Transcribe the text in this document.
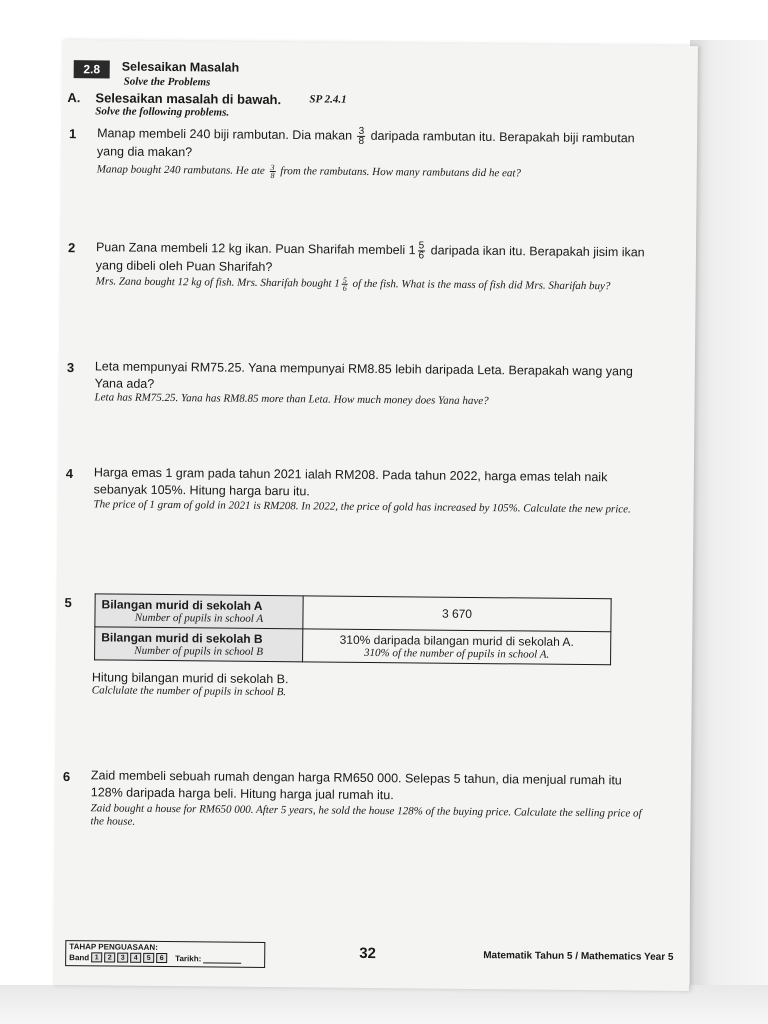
2.8	Selesaikan Masalah
Solve the Problems
A. Selesaikan masalah di bawah.	SP 2.4.1
Solve the following problems.
1 Manap membeli 240 biji rambutan. Dia makan $\frac{3}{8}$ daripada rambutan itu. Berapakah biji rambutan yang dia makan?
Manap bought 240 rambutans. He ate $\frac{3}{8}$ from the rambutans. How many rambutans did he eat?
2 Puan Zana membeli 12 kg ikan. Puan Sharifah membeli $1 \frac{5}{6}$ daripada ikan itu. Berapakah jisim ikan yang dibeli oleh Puan Sharifah?
Mrs. Zana bought 12 kg of fish. Mrs. Sharifah bought $1 \frac{5}{6}$ of the fish. What is the mass of fish did Mrs. Sharifah buy?
3 Leta mempunyai RM75.25. Yana mempunyai RM8.85 lebih daripada Leta. Berapakah wang yang Yana ada?
Leta has RM75.25. Yana has RM8.85 more than Leta. How much money does Yana have?
4 Harga emas 1 gram pada tahun 2021 ialah RM208. Pada tahun 2022, harga emas telah naik sebanyak 105%. Hitung harga baru itu.
The price of 1 gram of gold in 2021 is RM208. In 2022, the price of gold has increased by 105%. Calculate the new price.
5 Bilangan murid di sekolah A
Number of pupils in school A	3 670

Bilangan murid di sekolah B
Number of pupils in school B	310% daripada bilangan murid di sekolah A.
310% of the number of pupils in school A.
Hitung bilangan murid di sekolah B.
Calclulate the number of pupils in school B.
6 Zaid membeli sebuah rumah dengan harga RM650 000. Selepas 5 tahun, dia menjual rumah itu 128% daripada harga beli. Hitung harga jual rumah itu.
Zaid bought a house for RM650 000. After 5 years, he sold the house 128% of the buying price. Calculate the selling price of the house.
TAHAP PENGUASAAN:
Band 1	2	3	4	5	6	Tarikh:	32	Matematik Tahun 5 / Mathematics Year 5
